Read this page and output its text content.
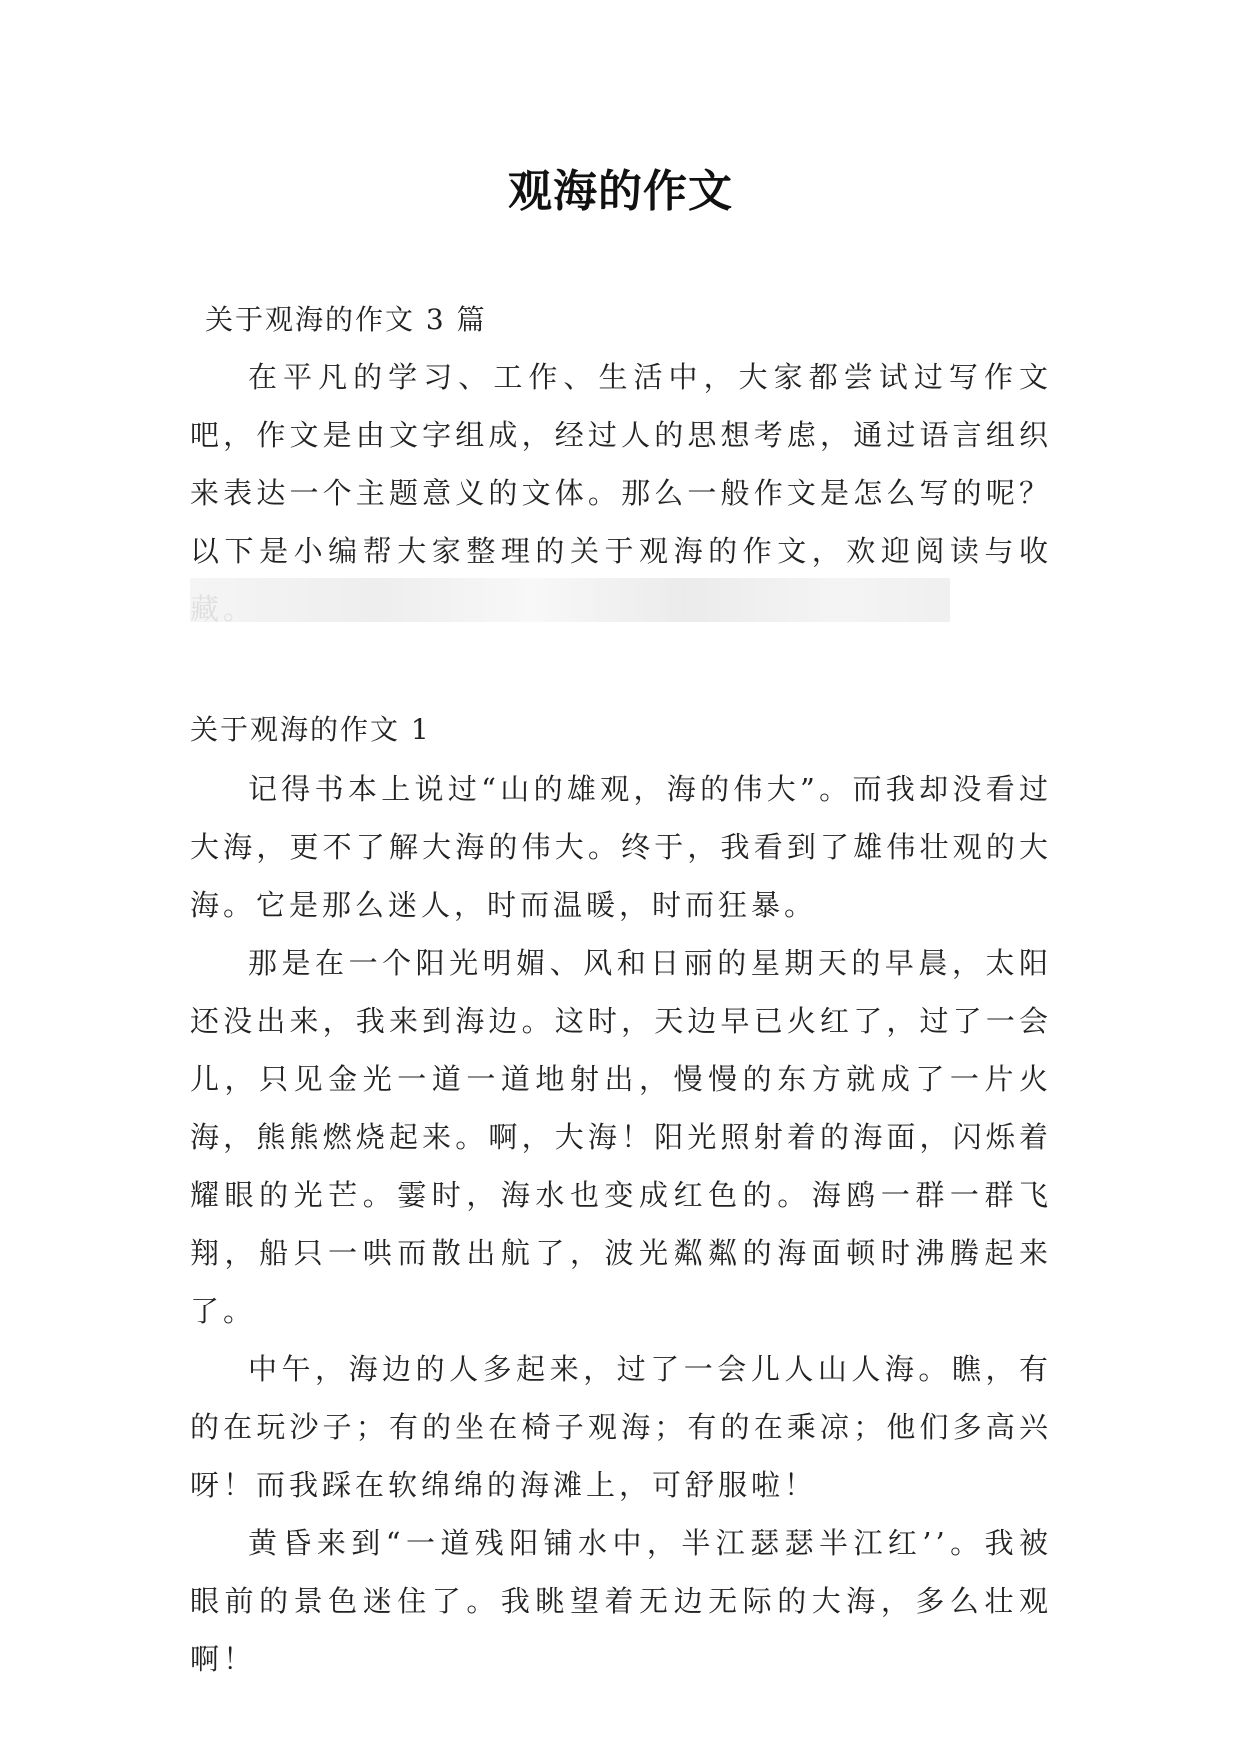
观海的作文
关于观海的作文 3 篇

在平凡的学习、工作、生活中，大家都尝试过写作文吧，作文是由文字组成，经过人的思想考虑，通过语言组织来表达一个主题意义的文体。那么一般作文是怎么写的呢？以下是小编帮大家整理的关于观海的作文，欢迎阅读与收

关于观海的作文 1

记得书本上说过“山的雄观，海的伟大”。而我却没看过大海，更不了解大海的伟大。终于，我看到了雄伟壮观的大海。它是那么迷人，时而温暖，时而狂暴。

那是在一个阳光明媚、风和日丽的星期天的早晨，太阳还没出来，我来到海边。这时，天边早已火红了，过了一会儿，只见金光一道一道地射出，慢慢的东方就成了一片火海，熊熊燃烧起来。啊，大海！阳光照射着的海面，闪烁着耀眼的光芒。霎时，海水也变成红色的。海鸥一群一群飞翔，船只一哄而散出航了，波光粼粼的海面顿时沸腾起来了。

中午，海边的人多起来，过了一会儿人山人海。瞧，有的在玩沙子；有的坐在椅子观海；有的在乘凉；他们多高兴呀！而我踩在软绵绵的海滩上，可舒服啦！

黄昏来到“一道残阳铺水中，半江瑟瑟半江红’’。我被眼前的景色迷住了。我眺望着无边无际的大海，多么壮观啊！
